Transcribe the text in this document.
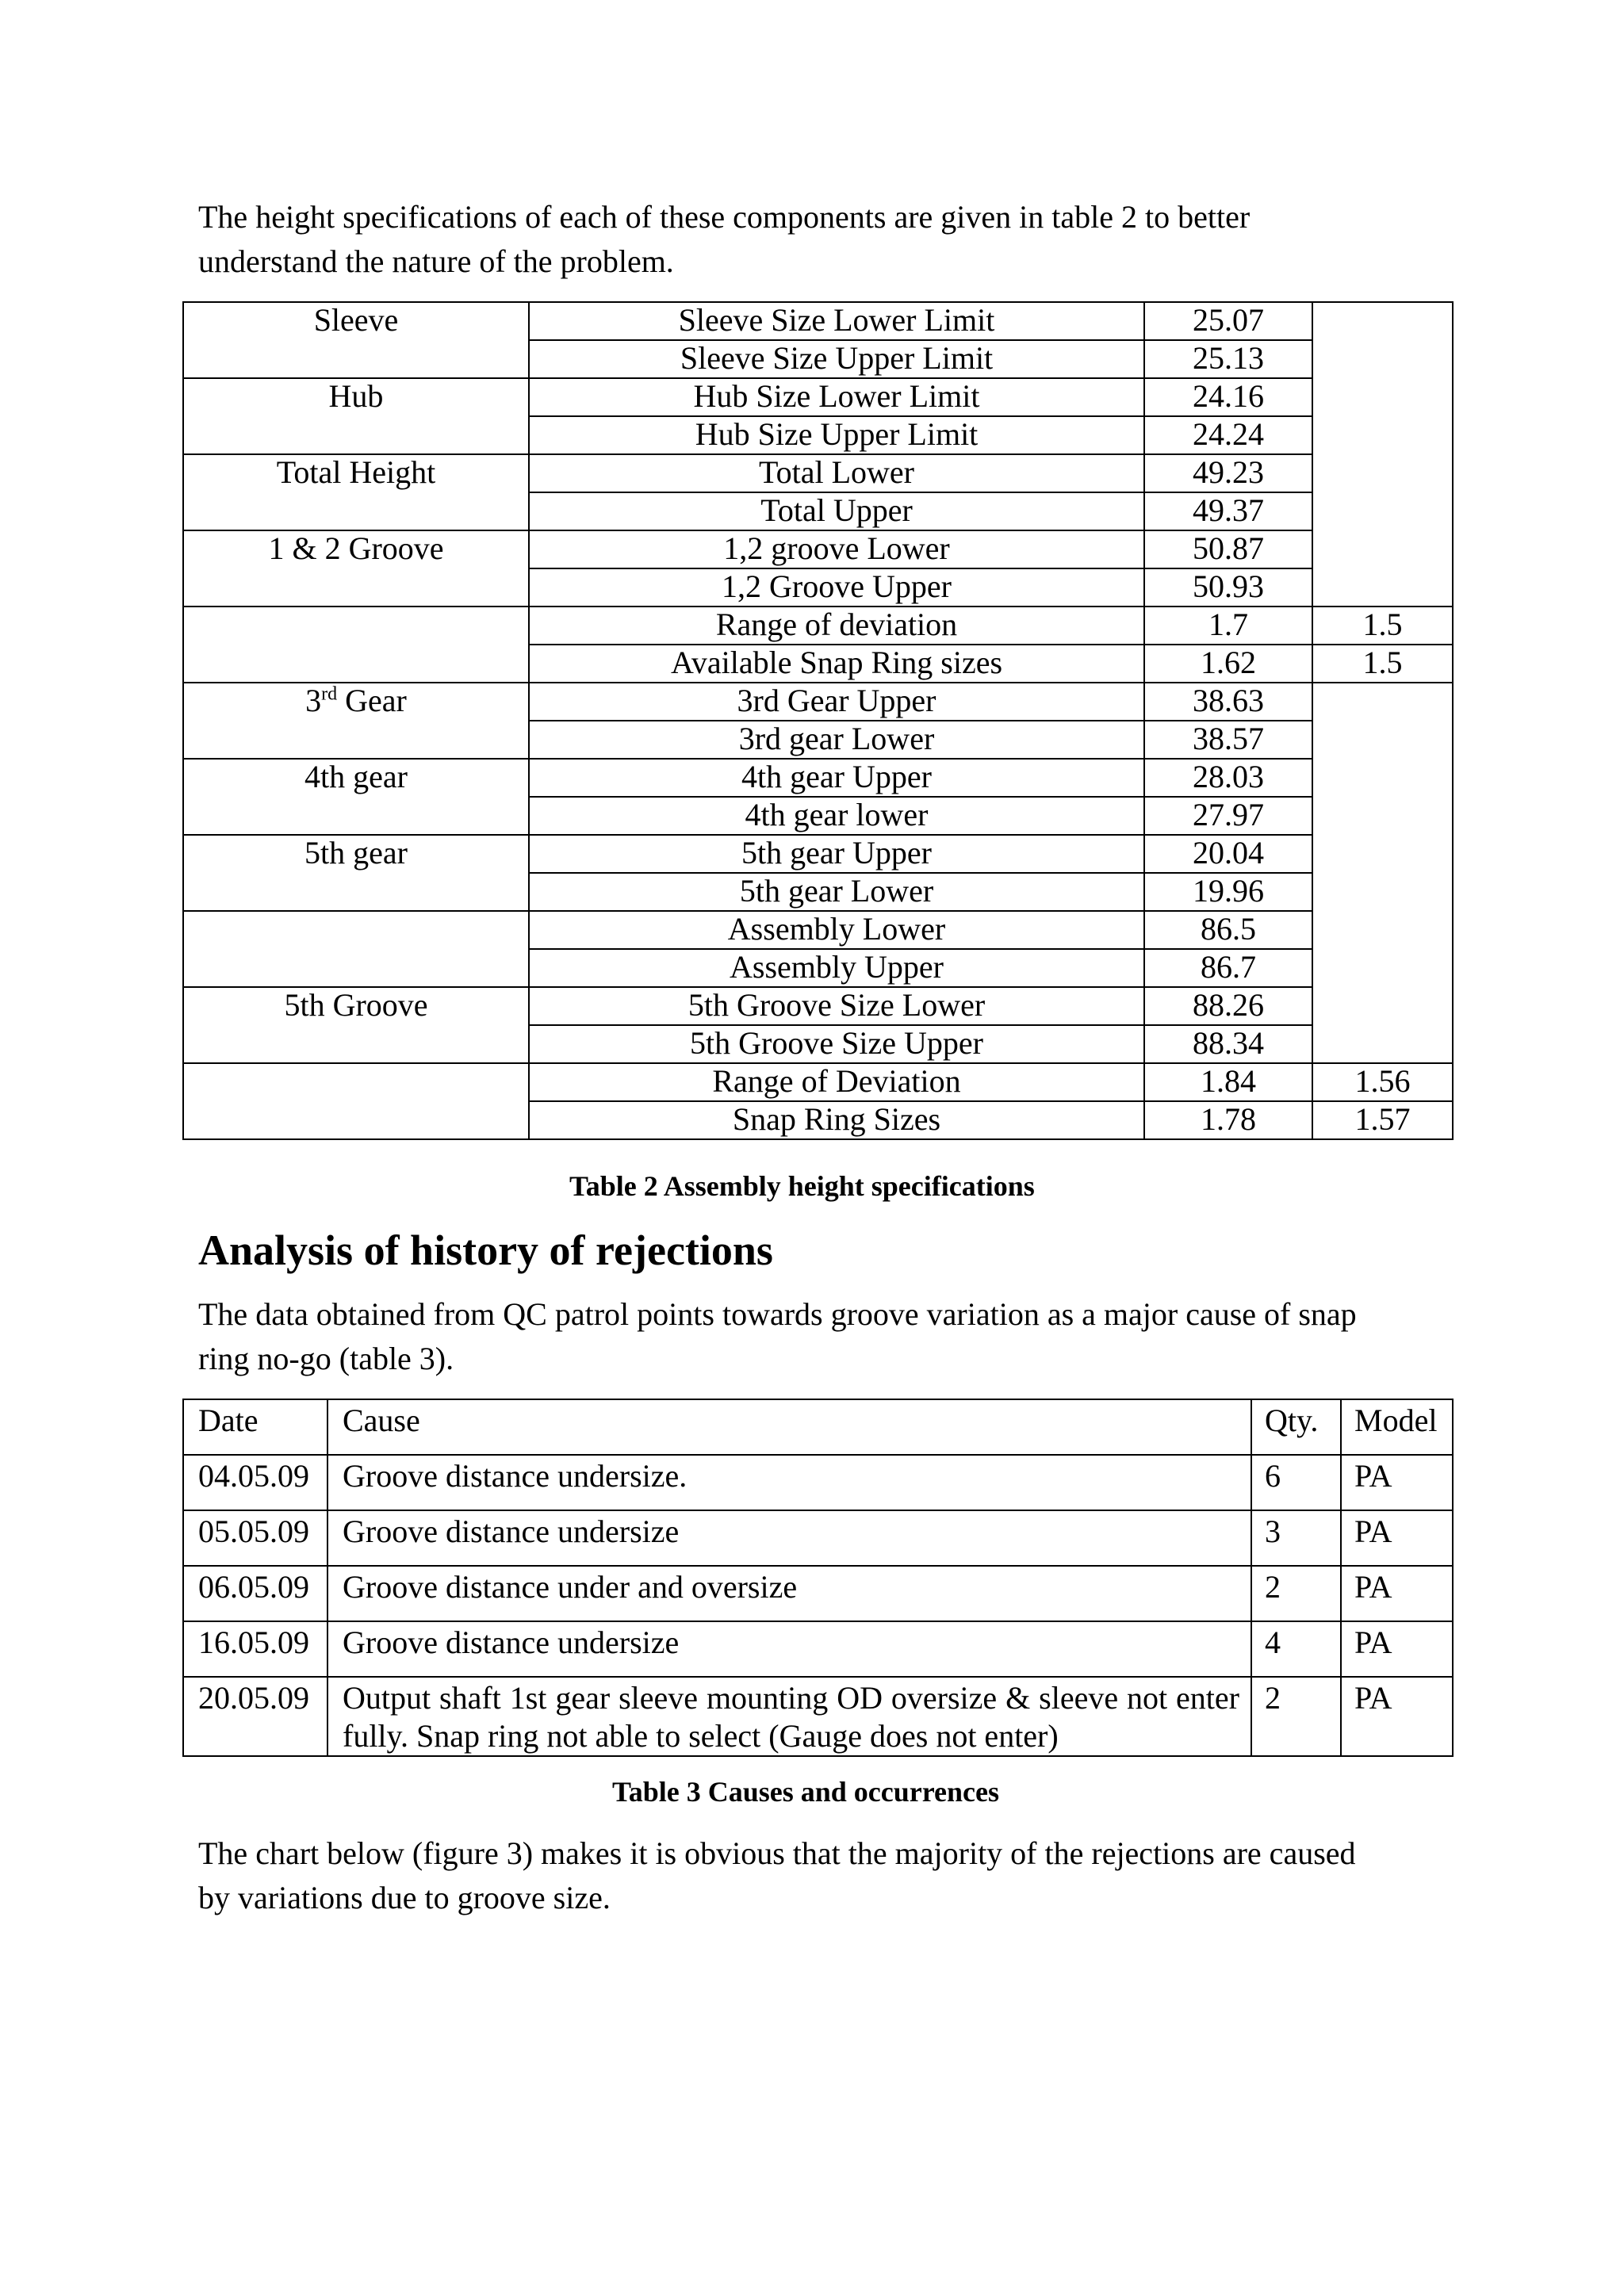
The height specifications of each of these components are given in table 2 to better
understand the nature of the problem.

Sleeve	Sleeve Size Lower Limit	25.07	
	Sleeve Size Upper Limit	25.13	
Hub	Hub Size Lower Limit	24.16	
	Hub Size Upper Limit	24.24	
Total Height	Total Lower	49.23	
	Total Upper	49.37	
1 & 2 Groove	1,2 groove Lower	50.87	
	1,2 Groove Upper	50.93	
	Range of deviation	1.7	1.5
	Available Snap Ring sizes	1.62	1.5
3rd Gear	3rd Gear Upper	38.63	
	3rd gear Lower	38.57	
4th gear	4th gear Upper	28.03	
	4th gear lower	27.97	
5th gear	5th gear Upper	20.04	
	5th gear Lower	19.96	
	Assembly Lower	86.5	
	Assembly Upper	86.7	
5th Groove	5th Groove Size Lower	88.26	
	5th Groove Size Upper	88.34	
	Range of Deviation	1.84	1.56
	Snap Ring Sizes	1.78	1.57

Table 2 Assembly height specifications

Analysis of history of rejections

The data obtained from QC patrol points towards groove variation as a major cause of snap
ring no-go (table 3).

Date	Cause	Qty.	Model
04.05.09	Groove distance undersize.	6	PA
05.05.09	Groove distance undersize	3	PA
06.05.09	Groove distance under and oversize	2	PA
16.05.09	Groove distance undersize	4	PA
20.05.09	Output shaft 1st gear sleeve mounting OD oversize & sleeve not enter fully. Snap ring not able to select (Gauge does not enter)	2	PA

Table 3 Causes and occurrences

The chart below (figure 3) makes it is obvious that the majority of the rejections are caused
by variations due to groove size.
